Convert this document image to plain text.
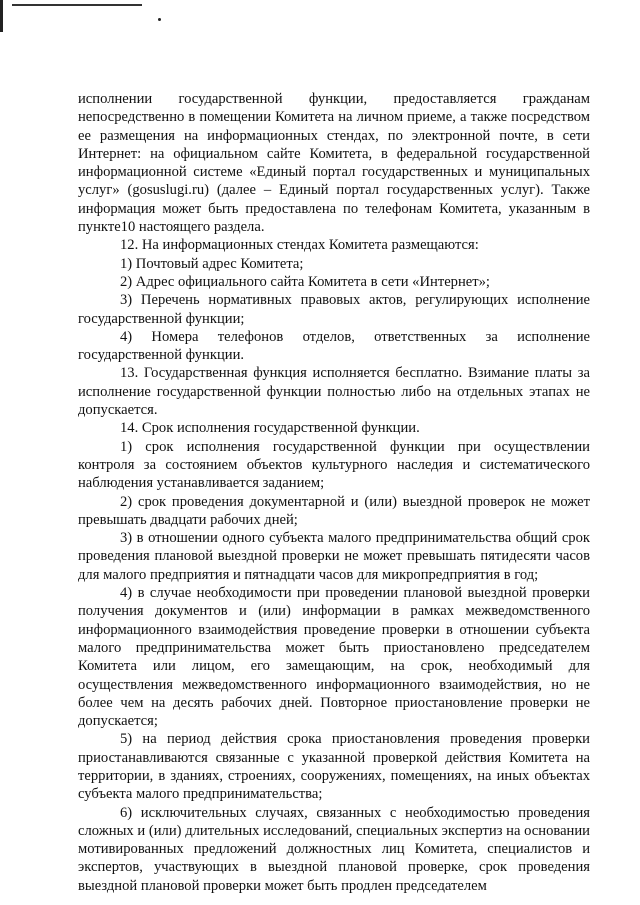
исполнении государственной функции, предоставляется гражданам непосредственно в помещении Комитета на личном приеме, а также посредством ее размещения на информационных стендах, по электронной почте, в сети Интернет: на официальном сайте Комитета, в федеральной государственной информационной системе «Единый портал государственных и муниципальных услуг» (gosuslugi.ru) (далее – Единый портал государственных услуг). Также информация может быть предоставлена по телефонам Комитета, указанным в пункте10 настоящего раздела.

12. На информационных стендах Комитета размещаются:

1) Почтовый адрес Комитета;

2) Адрес официального сайта Комитета в сети «Интернет»;

3) Перечень нормативных правовых актов, регулирующих исполнение государственной функции;

4) Номера телефонов отделов, ответственных за исполнение государственной функции.

13. Государственная функция исполняется бесплатно. Взимание платы за исполнение государственной функции полностью либо на отдельных этапах не допускается.

14. Срок исполнения государственной функции.

1) срок исполнения государственной функции при осуществлении контроля за состоянием объектов культурного наследия и систематического наблюдения устанавливается заданием;

2) срок проведения документарной и (или) выездной проверок не может превышать двадцати рабочих дней;

3) в отношении одного субъекта малого предпринимательства общий срок проведения плановой выездной проверки не может превышать пятидесяти часов для малого предприятия и пятнадцати часов для микропредприятия в год;

4) в случае необходимости при проведении плановой выездной проверки получения документов и (или) информации в рамках межведомственного информационного взаимодействия проведение проверки в отношении субъекта малого предпринимательства может быть приостановлено председателем Комитета или лицом, его замещающим, на срок, необходимый для осуществления межведомственного информационного взаимодействия, но не более чем на десять рабочих дней. Повторное приостановление проверки не допускается;

5) на период действия срока приостановления проведения проверки приостанавливаются связанные с указанной проверкой действия Комитета на территории, в зданиях, строениях, сооружениях, помещениях, на иных объектах субъекта малого предпринимательства;

6) исключительных случаях, связанных с необходимостью проведения сложных и (или) длительных исследований, специальных экспертиз на основании мотивированных предложений должностных лиц Комитета, специалистов и экспертов, участвующих в выездной плановой проверке, срок проведения выездной плановой проверки может быть продлен председателем
